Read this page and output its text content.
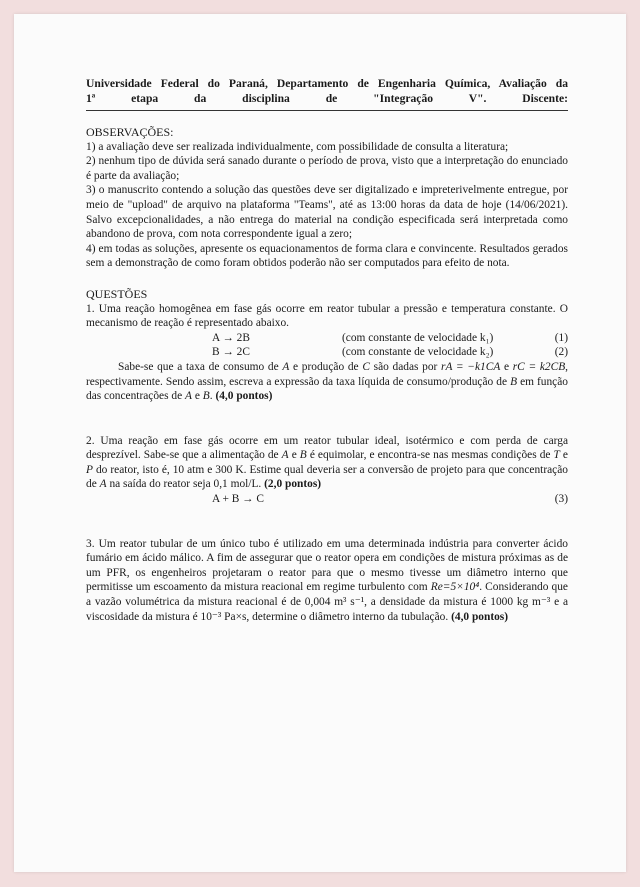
Universidade Federal do Paraná, Departamento de Engenharia Química, Avaliação da
1ª etapa da disciplina de "Integração V". Discente:
OBSERVAÇÕES:

1) a avaliação deve ser realizada individualmente, com possibilidade de consulta a literatura;

2) nenhum tipo de dúvida será sanado durante o período de prova, visto que a interpretação do enunciado é parte da avaliação;

3) o manuscrito contendo a solução das questões deve ser digitalizado e impreterivelmente entregue, por meio de "upload" de arquivo na plataforma "Teams", até as 13:00 horas da data de hoje (14/06/2021). Salvo excepcionalidades, a não entrega do material na condição especificada será interpretada como abandono de prova, com nota correspondente igual a zero;

4) em todas as soluções, apresente os equacionamentos de forma clara e convincente. Resultados gerados sem a demonstração de como foram obtidos poderão não ser computados para efeito de nota.

QUESTÕES

1. Uma reação homogênea em fase gás ocorre em reator tubular a pressão e temperatura constante. O mecanismo de reação é representado abaixo.

A → 2B	(com constante de velocidade k₁)	(1)
B → 2C	(com constante de velocidade k₂)	(2)

Sabe-se que a taxa de consumo de A e produção de C são dadas por rA = −k1CA e rC = k2CB, respectivamente. Sendo assim, escreva a expressão da taxa líquida de consumo/produção de B em função das concentrações de A e B. (4,0 pontos)

2. Uma reação em fase gás ocorre em um reator tubular ideal, isotérmico e com perda de carga desprezível. Sabe-se que a alimentação de A e B é equimolar, e encontra-se nas mesmas condições de T e P do reator, isto é, 10 atm e 300 K. Estime qual deveria ser a conversão de projeto para que concentração de A na saída do reator seja 0,1 mol/L. (2,0 pontos)

A + B → C	(3)

3. Um reator tubular de um único tubo é utilizado em uma determinada indústria para converter ácido fumário em ácido málico. A fim de assegurar que o reator opera em condições de mistura próximas as de um PFR, os engenheiros projetaram o reator para que o mesmo tivesse um diâmetro interno que permitisse um escoamento da mistura reacional em regime turbulento com Re=5×10⁴. Considerando que a vazão volumétrica da mistura reacional é de 0,004 m³ s⁻¹, a densidade da mistura é 1000 kg m⁻³ e a viscosidade da mistura é 10⁻³ Pa×s, determine o diâmetro interno da tubulação. (4,0 pontos)
